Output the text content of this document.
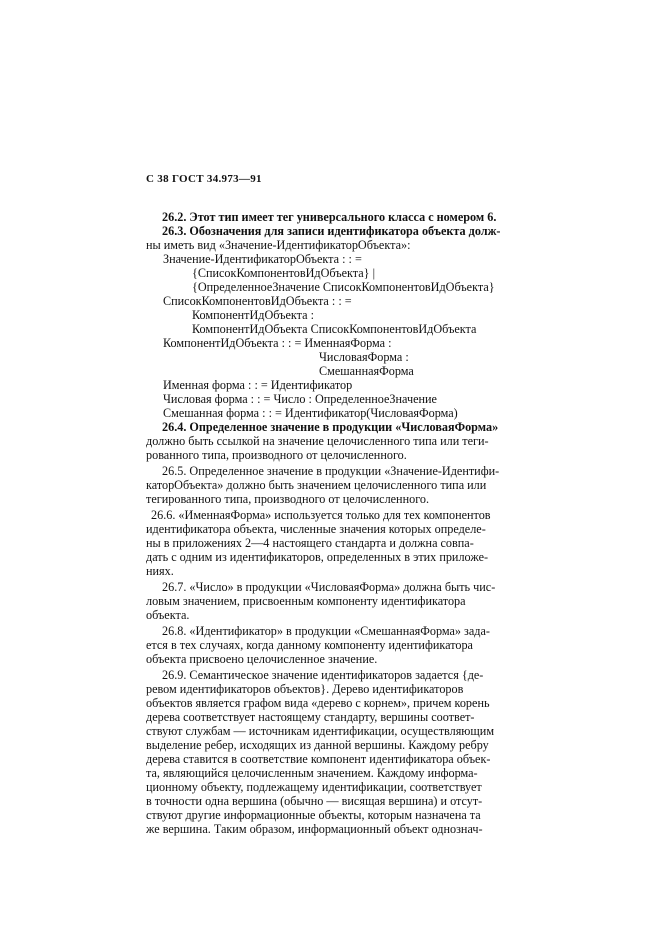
С 38 ГОСТ 34.973—91
26.2. Этот тип имеет тег универсального класса с номером 6.
26.3. Обозначения для записи идентификатора объекта долж-
ны иметь вид «Значение-ИдентификаторОбъекта»:
Значение-ИдентификаторОбъекта : : =
{СписокКомпонентовИдОбъекта} |
{ОпределенноеЗначение СписокКомпонентовИдОбъекта}
СписокКомпонентовИдОбъекта : : =
КомпонентИдОбъекта :
КомпонентИдОбъекта СписокКомпонентовИдОбъекта
КомпонентИдОбъекта : : = ИменнаяФорма :
ЧисловаяФорма :
СмешаннаяФорма
Именная форма : : = Идентификатор
Числовая форма : : = Число : ОпределенноеЗначение
Смешанная форма : : = Идентификатор(ЧисловаяФорма)
26.4. Определенное значение в продукции «ЧисловаяФорма»
должно быть ссылкой на значение целочисленного типа или теги-
рованного типа, производного от целочисленного.
26.5. Определенное значение в продукции «Значение-Идентифи-
каторОбъекта» должно быть значением целочисленного типа или
тегированного типа, производного от целочисленного.
26.6. «ИменнаяФорма» используется только для тех компонентов
идентификатора объекта, численные значения которых определе-
ны в приложениях 2—4 настоящего стандарта и должна совпа-
дать с одним из идентификаторов, определенных в этих приложе-
ниях.
26.7. «Число» в продукции «ЧисловаяФорма» должна быть чис-
ловым значением, присвоенным компоненту идентификатора
объекта.
26.8. «Идентификатор» в продукции «СмешаннаяФорма» зада-
ется в тех случаях, когда данному компоненту идентификатора
объекта присвоено целочисленное значение.
26.9. Семантическое значение идентификаторов задается {де-
ревом идентификаторов объектов}. Дерево идентификаторов
объектов является графом вида «дерево с корнем», причем корень
дерева соответствует настоящему стандарту, вершины соответ-
ствуют службам — источникам идентификации, осуществляющим
выделение ребер, исходящих из данной вершины. Каждому ребру
дерева ставится в соответствие компонент идентификатора объек-
та, являющийся целочисленным значением. Каждому информа-
ционному объекту, подлежащему идентификации, соответствует
в точности одна вершина (обычно — висящая вершина) и отсут-
ствуют другие информационные объекты, которым назначена та
же вершина. Таким образом, информационный объект однознач-
